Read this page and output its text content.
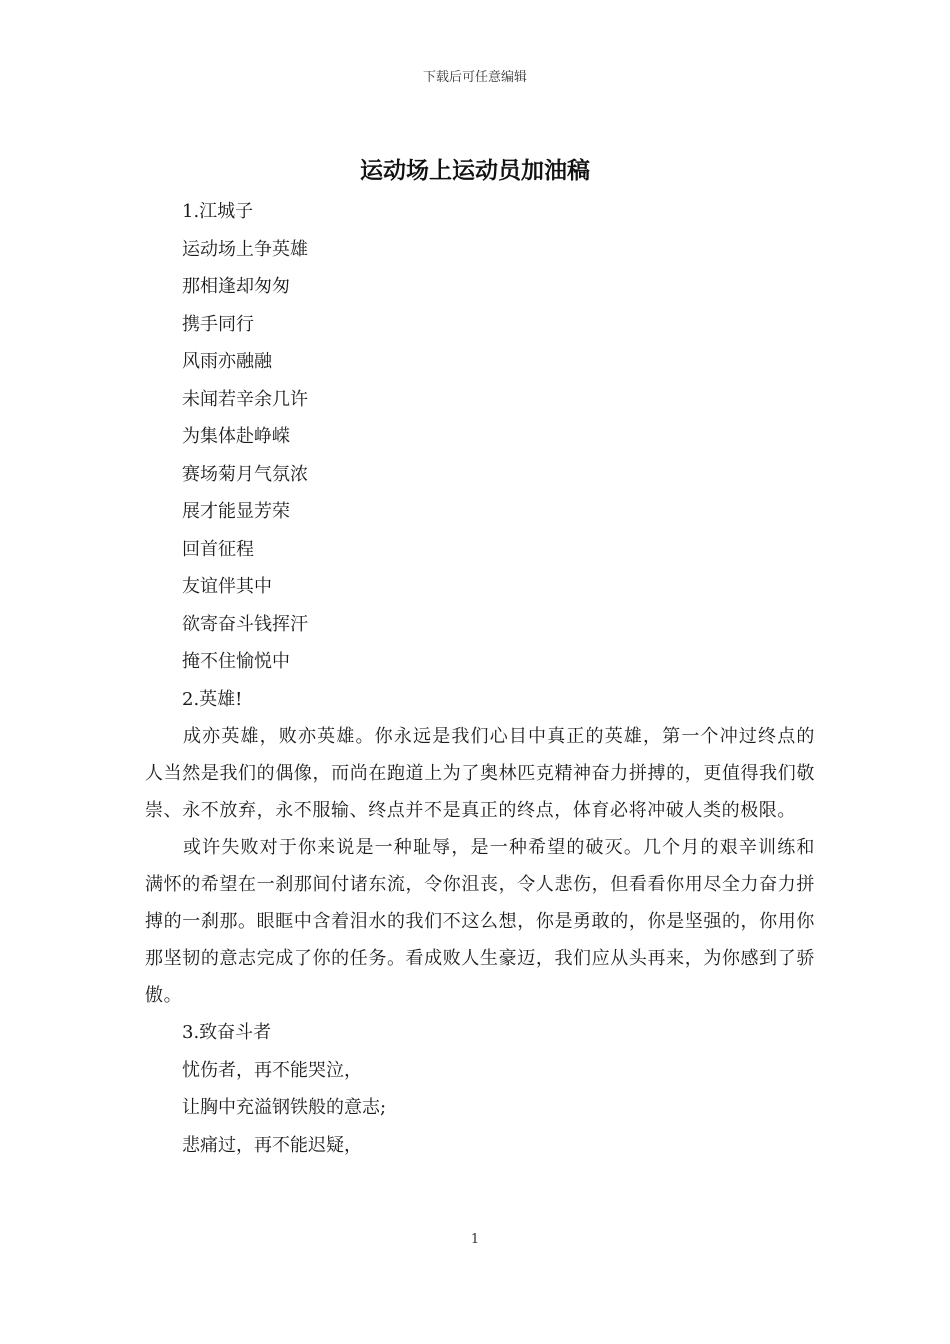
下载后可任意编辑
运动场上运动员加油稿
1.江城子
运动场上争英雄
那相逢却匆匆
携手同行
风雨亦融融
未闻若辛余几许
为集体赴峥嵘
赛场菊月气氛浓
展才能显芳荣
回首征程
友谊伴其中
欲寄奋斗钱挥汗
掩不住愉悦中
2.英雄!

成亦英雄，败亦英雄。你永远是我们心目中真正的英雄，第一个冲过终点的人当然是我们的偶像，而尚在跑道上为了奥林匹克精神奋力拼搏的，更值得我们敬崇、永不放弃，永不服输、终点并不是真正的终点，体育必将冲破人类的极限。

或许失败对于你来说是一种耻辱，是一种希望的破灭。几个月的艰辛训练和满怀的希望在一刹那间付诸东流，令你沮丧，令人悲伤，但看看你用尽全力奋力拼搏的一刹那。眼眶中含着泪水的我们不这么想，你是勇敢的，你是坚强的，你用你那坚韧的意志完成了你的任务。看成败人生豪迈，我们应从头再来，为你感到了骄傲。

3.致奋斗者
忧伤者，再不能哭泣，
让胸中充溢钢铁般的意志;
悲痛过，再不能迟疑，
1
